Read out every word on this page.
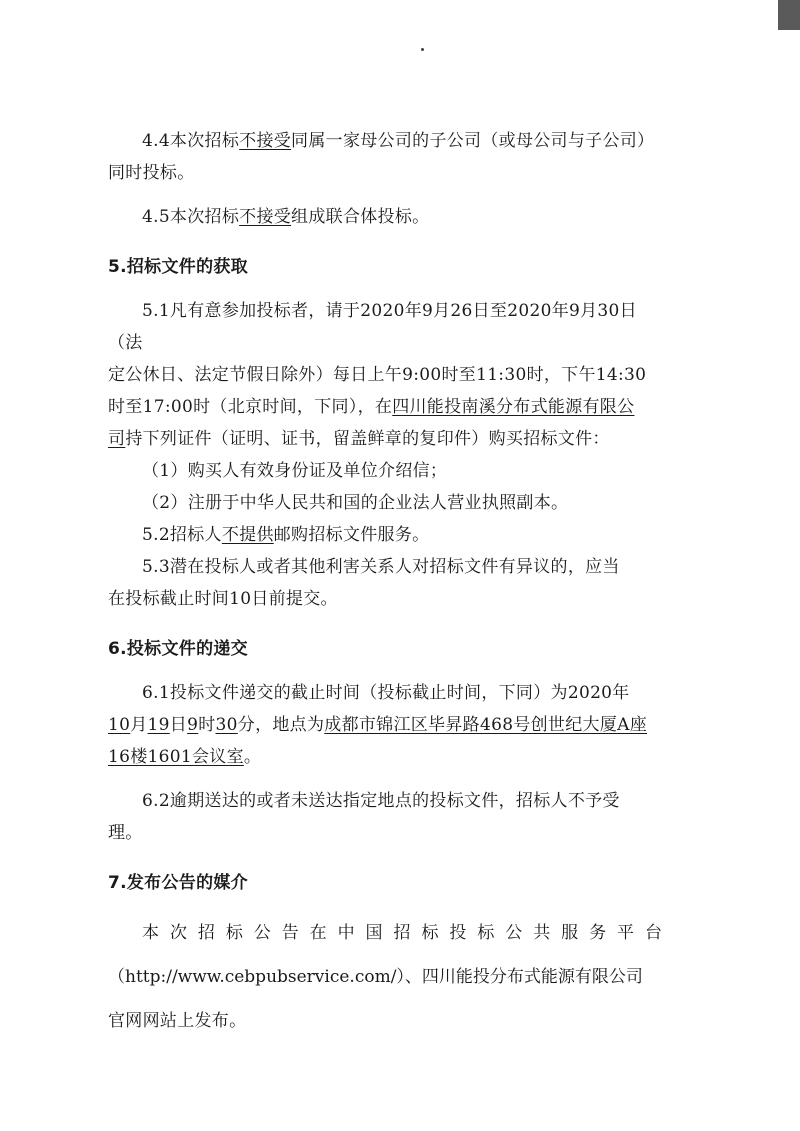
4.4本次招标不接受同属一家母公司的子公司（或母公司与子公司）

同时投标。

4.5本次招标不接受组成联合体投标。

5.招标文件的获取

5.1凡有意参加投标者，请于2020年9月26日至2020年9月30日（法

定公休日、法定节假日除外）每日上午9:00时至11:30时，下午14:30

时至17:00时（北京时间，下同），在四川能投南溪分布式能源有限公

司持下列证件（证明、证书，留盖鲜章的复印件）购买招标文件：

（1）购买人有效身份证及单位介绍信；

（2）注册于中华人民共和国的企业法人营业执照副本。

5.2招标人不提供邮购招标文件服务。

5.3潜在投标人或者其他利害关系人对招标文件有异议的，应当

在投标截止时间10日前提交。

6.投标文件的递交

6.1投标文件递交的截止时间（投标截止时间，下同）为2020年

10月19日9时30分，地点为成都市锦江区毕昇路468号创世纪大厦A座

16楼1601会议室。

6.2逾期送达的或者未送达指定地点的投标文件，招标人不予受

理。

7.发布公告的媒介

本次招标公告在中国招标投标公共服务平台

（http://www.cebpubservice.com/）、四川能投分布式能源有限公司

官网网站上发布。
